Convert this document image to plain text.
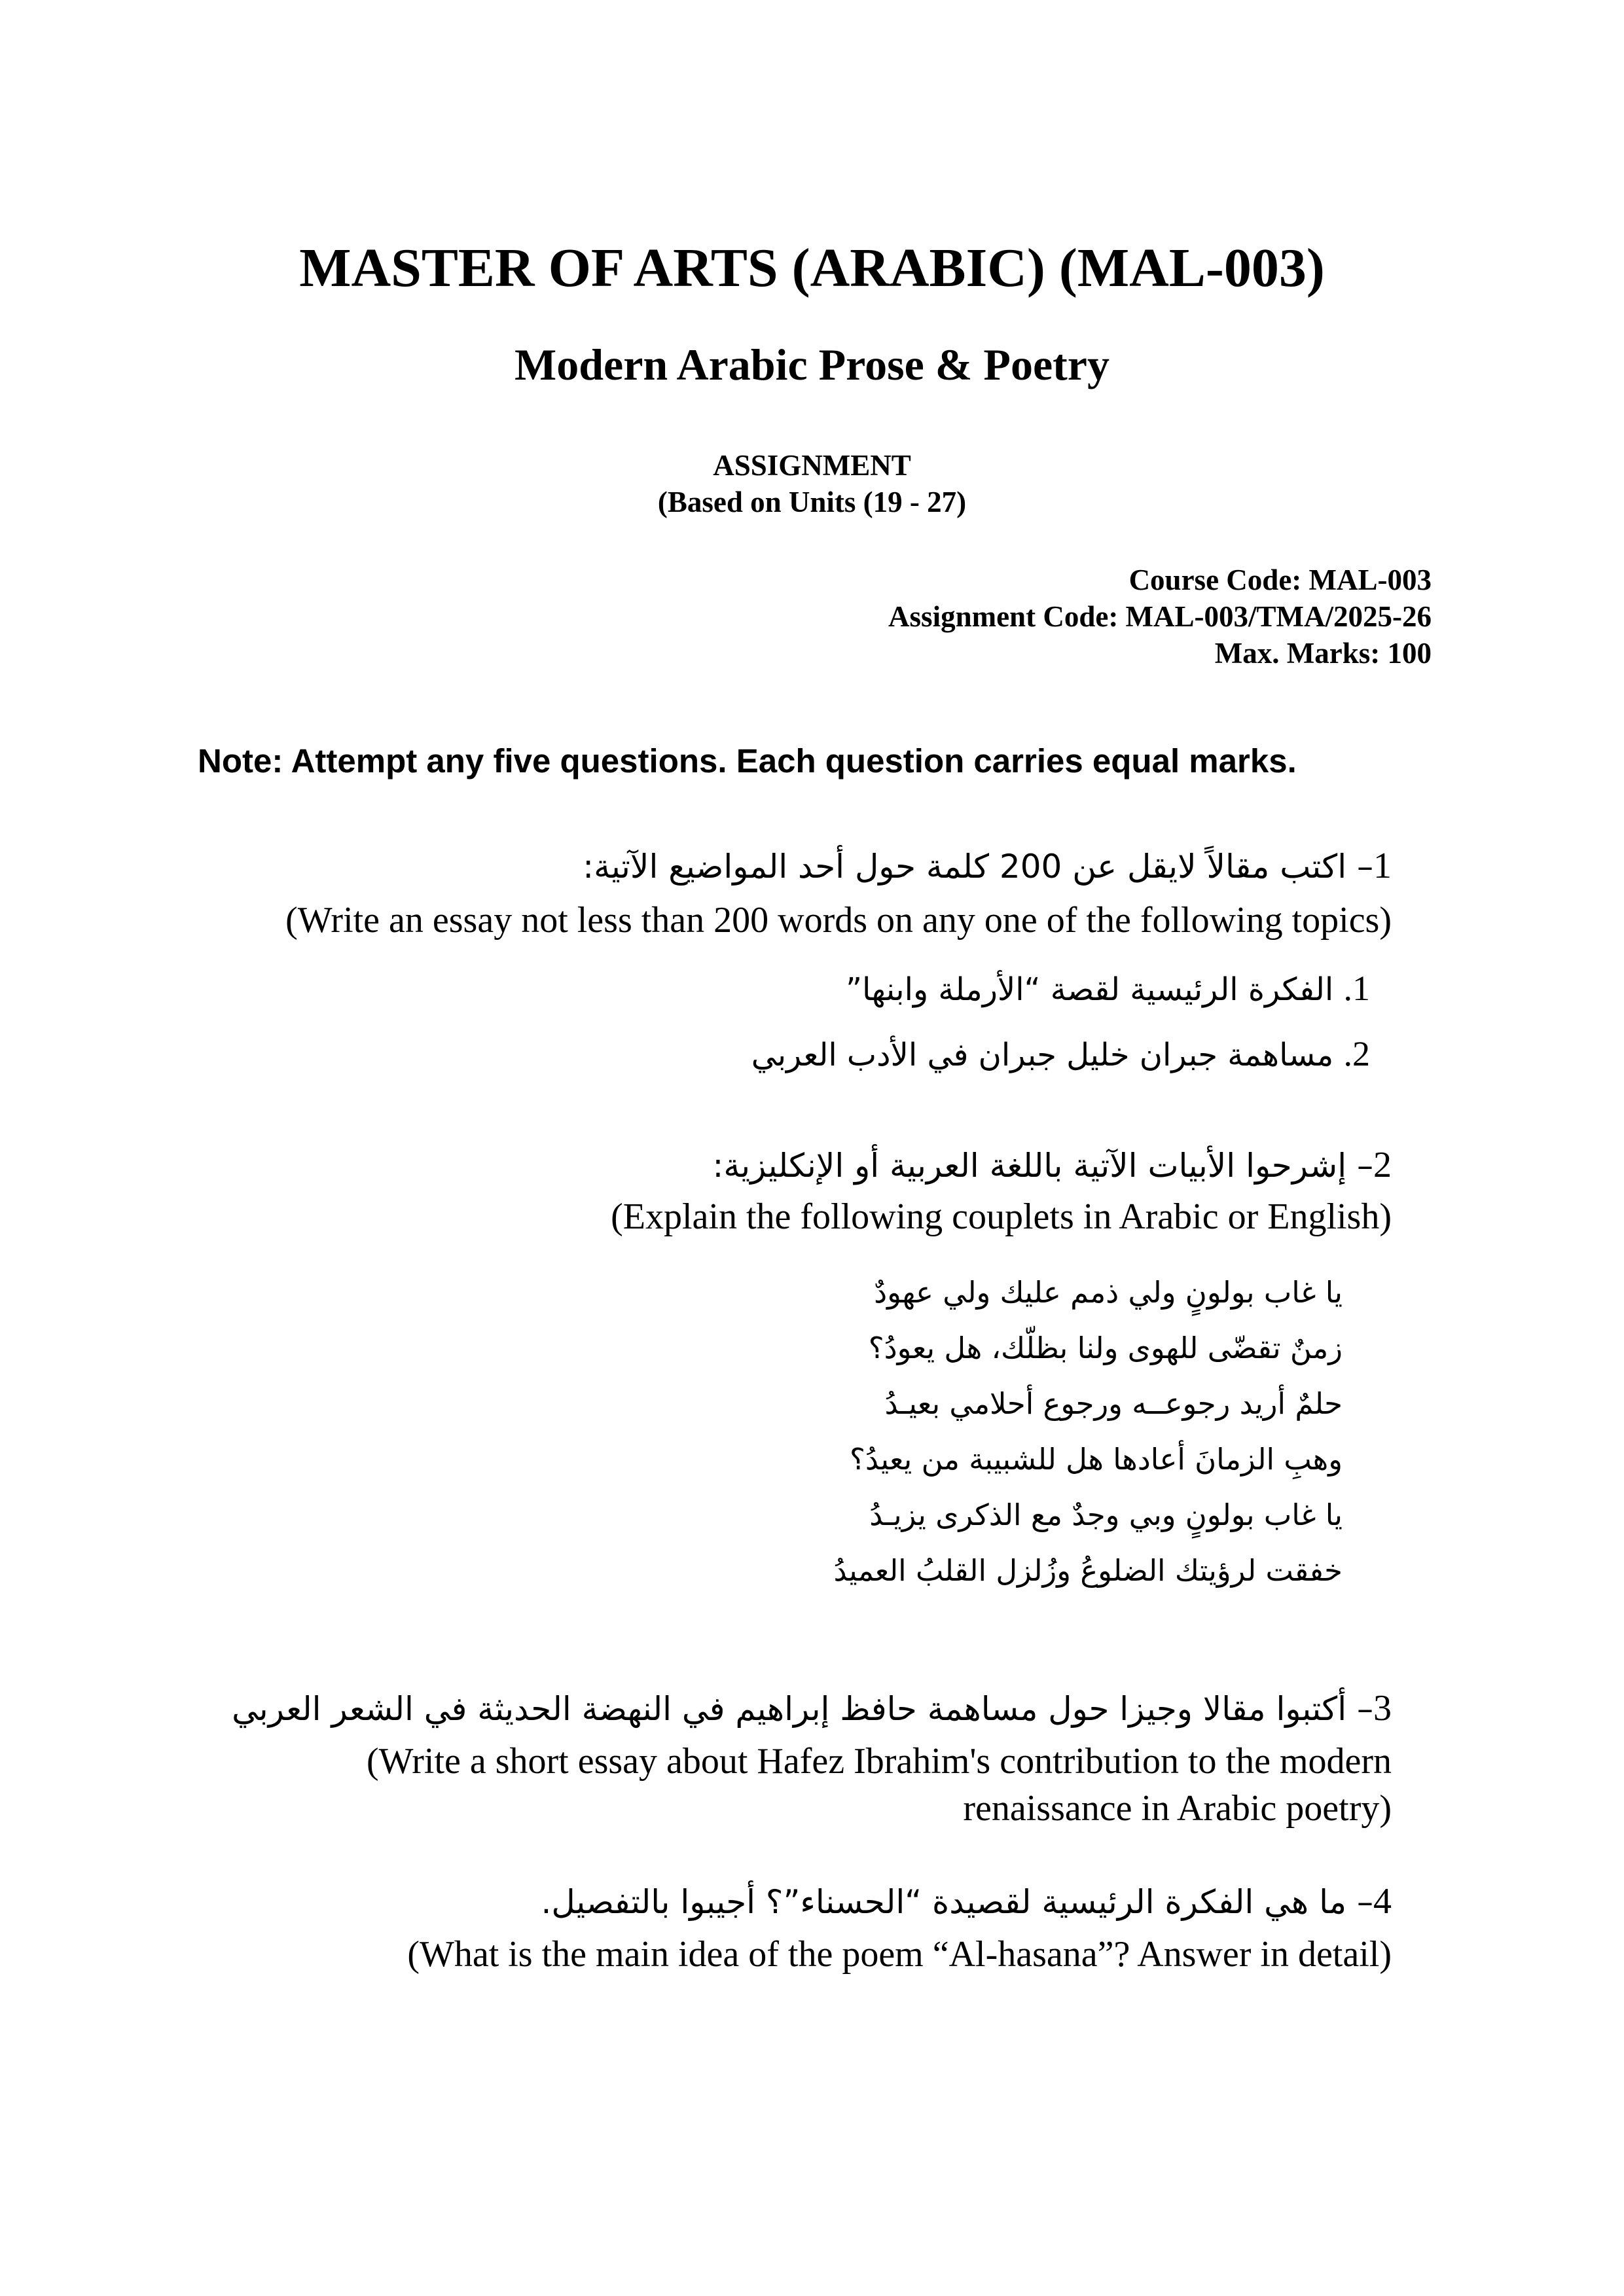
MASTER OF ARTS (ARABIC) (MAL-003)
Modern Arabic Prose & Poetry
ASSIGNMENT
(Based on Units (19 - 27)
Course Code: MAL-003
Assignment Code: MAL-003/TMA/2025-26
Max. Marks: 100
Note: Attempt any five questions. Each question carries equal marks.
1– اكتب مقالاً لايقل عن 200 كلمة حول أحد المواضيع الآتية:
(Write an essay not less than 200 words on any one of the following topics)
1. الفكرة الرئيسية لقصة “الأرملة وابنها”
2. مساهمة جبران خليل جبران في الأدب العربي
2– إشرحوا الأبيات الآتية باللغة العربية أو الإنكليزية:
(Explain the following couplets in Arabic or English)
يا غاب بولونٍ ولي ذمم عليك ولي عهودٌ
زمنٌ تقضّى للهوى ولنا بظلّك، هل يعودُ؟
حلمٌ أريد رجوعــه ورجوع أحلامي بعيـدُ
وهبِ الزمانَ أعادها هل للشبيبة من يعيدُ؟
يا غاب بولونٍ وبي وجدٌ مع الذكرى يزيـدُ
خفقت لرؤيتك الضلوعُ وزُلزل القلبُ العميدُ
3– أكتبوا مقالا وجيزا حول مساهمة حافظ إبراهيم في النهضة الحديثة في الشعر العربي
(Write a short essay about Hafez Ibrahim's contribution to the modern
renaissance in Arabic poetry)
4– ما هي الفكرة الرئيسية لقصيدة “الحسناء”؟ أجيبوا بالتفصيل.
(What is the main idea of the poem “Al-hasana”? Answer in detail)
